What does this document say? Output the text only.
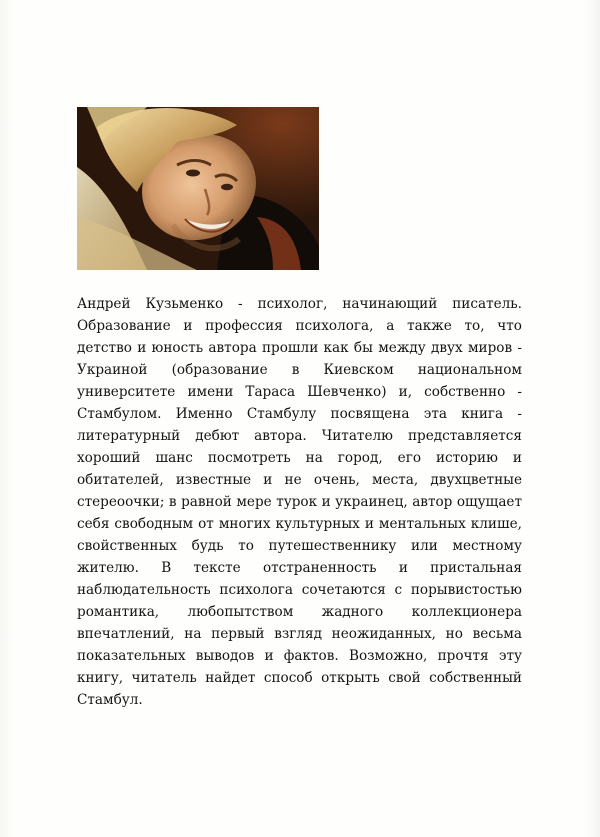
Андрей Кузьменко - психолог, начинающий писатель. Образование и профессия психолога, а также то, что детство и юность автора прошли как бы между двух миров - Украиной (образование в Киевском национальном университете имени Тараса Шевченко) и, собственно - Стамбулом. Именно Стамбулу посвящена эта книга - литературный дебют автора. Читателю представляется хороший шанс посмотреть на город, его историю и обитателей, известные и не очень, места, двухцветные стереоочки; в равной мере турок и украинец, автор ощущает себя свободным от многих культурных и ментальных клише, свойственных будь то путешественнику или местному жителю. В тексте отстраненность и пристальная наблюдательность психолога сочетаются с порывистостью романтика, любопытством жадного коллекционера впечатлений, на первый взгляд неожиданных, но весьма показательных выводов и фактов. Возможно, прочтя эту книгу, читатель найдет способ открыть свой собственный Стамбул.
